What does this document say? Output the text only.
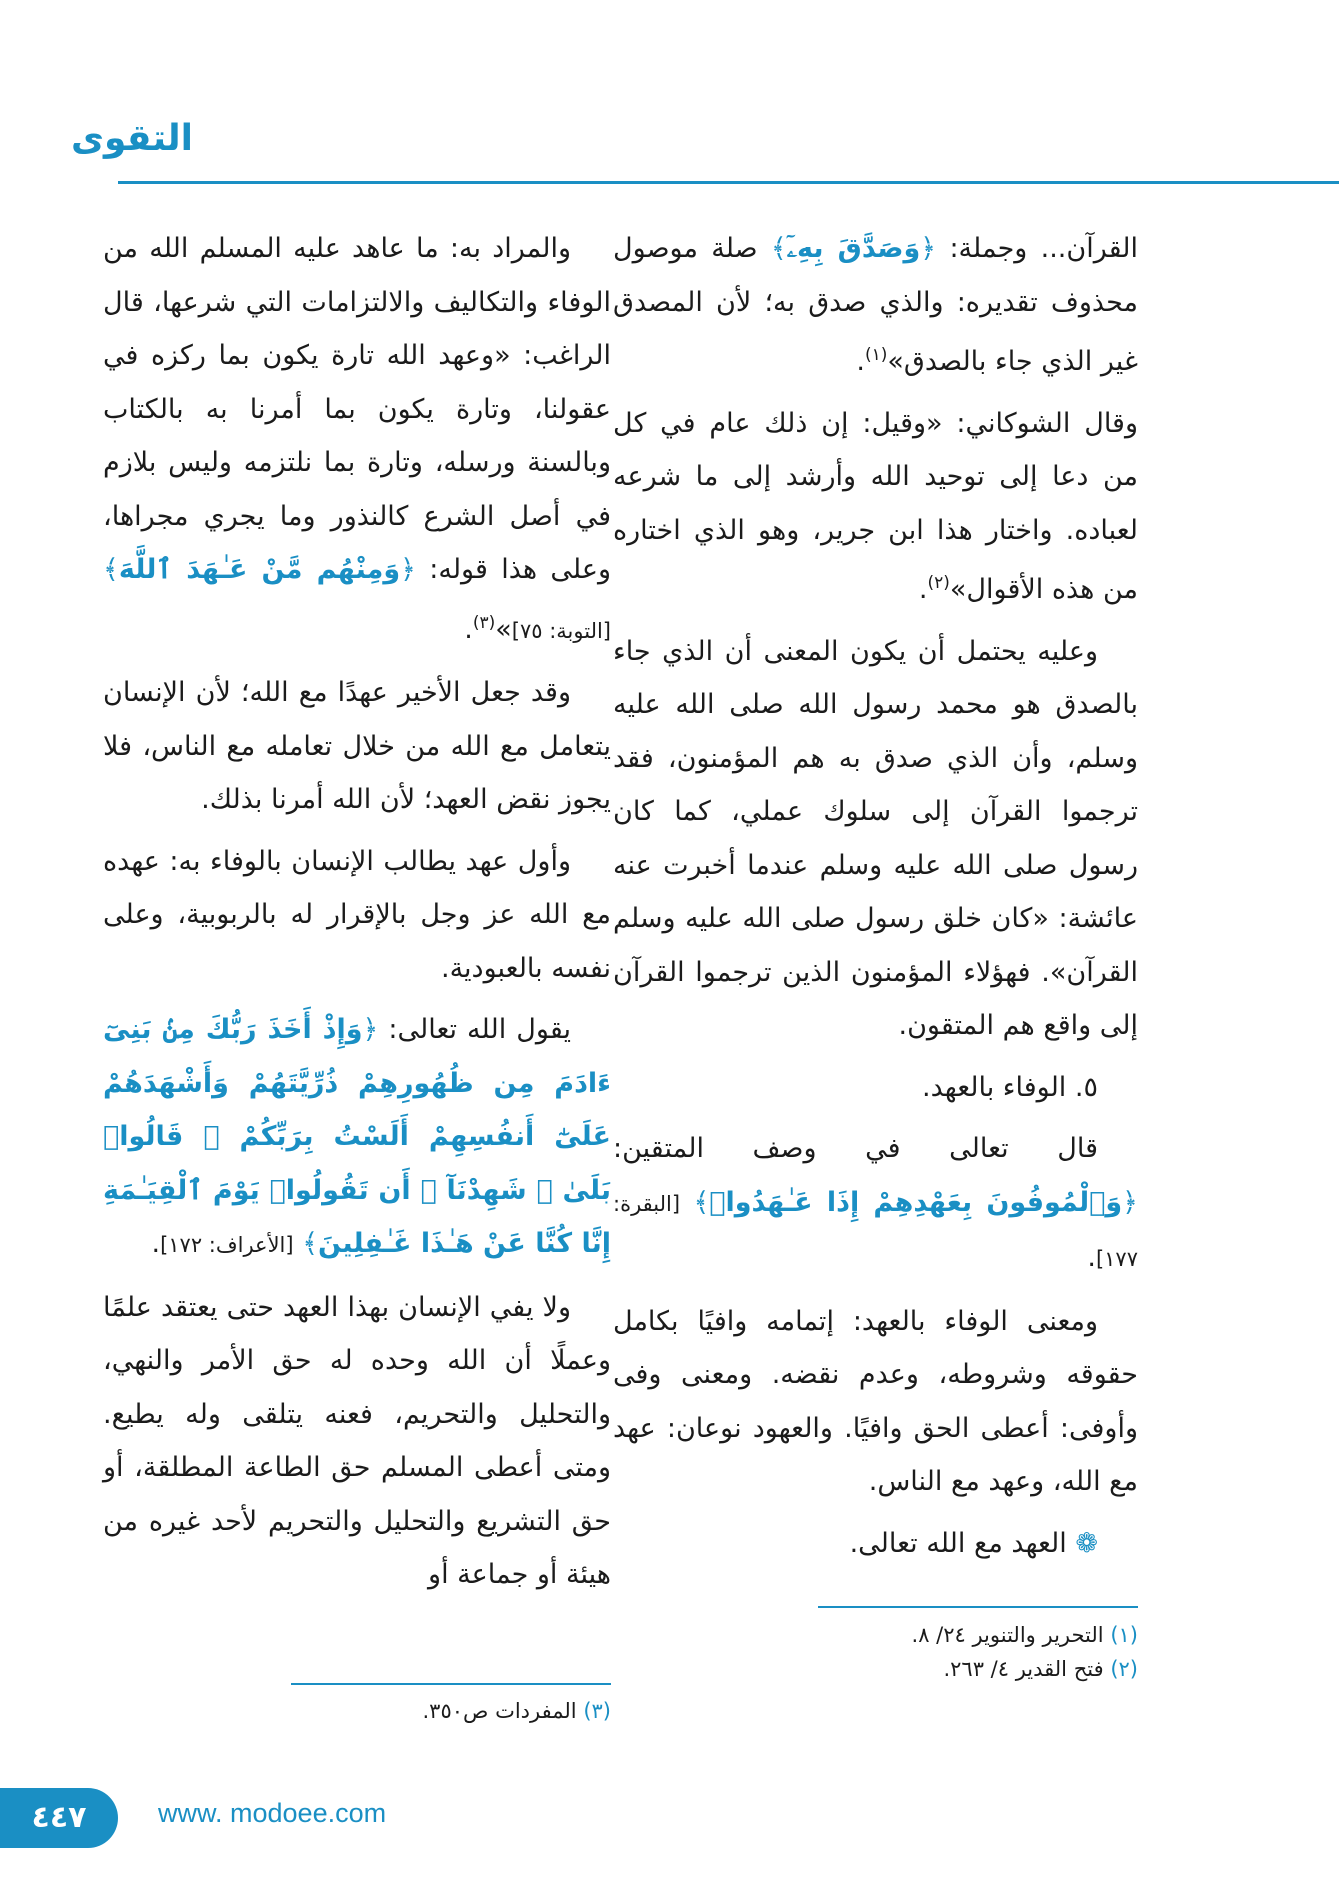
التقوى

القرآن... وجملة: ﴿وَصَدَّقَ بِهِۦٓ﴾ صلة موصول محذوف تقديره: والذي صدق به؛ لأن المصدق غير الذي جاء بالصدق»$^{(١)}$.

وقال الشوكاني: «وقيل: إن ذلك عام في كل من دعا إلى توحيد الله وأرشد إلى ما شرعه لعباده. واختار هذا ابن جرير، وهو الذي اختاره من هذه الأقوال»$^{(٢)}$.

وعليه يحتمل أن يكون المعنى أن الذي جاء بالصدق هو محمد رسول الله صلى الله عليه وسلم، وأن الذي صدق به هم المؤمنون، فقد ترجموا القرآن إلى سلوك عملي، كما كان رسول صلى الله عليه وسلم عندما أخبرت عنه عائشة: «كان خلق رسول صلى الله عليه وسلم القرآن». فهؤلاء المؤمنون الذين ترجموا القرآن إلى واقع هم المتقون.

٥. الوفاء بالعهد.

قال تعالى في وصف المتقين: ﴿وَٱلْمُوفُونَ بِعَهْدِهِمْ إِذَا عَـٰهَدُوا۟﴾ [البقرة: ١٧٧].

ومعنى الوفاء بالعهد: إتمامه وافيًا بكامل حقوقه وشروطه، وعدم نقضه. ومعنى وفى وأوفى: أعطى الحق وافيًا. والعهود نوعان: عهد مع الله، وعهد مع الناس.

❁ العهد مع الله تعالى.

والمراد به: ما عاهد عليه المسلم الله من الوفاء والتكاليف والالتزامات التي شرعها، قال الراغب: «وعهد الله تارة يكون بما ركزه في عقولنا، وتارة يكون بما أمرنا به بالكتاب وبالسنة ورسله، وتارة بما نلتزمه وليس بلازم في أصل الشرع كالنذور وما يجري مجراها، وعلى هذا قوله: ﴿وَمِنْهُم مَّنْ عَـٰهَدَ ٱللَّهَ﴾[التوبة: ٧٥]»$^{(٣)}$.

وقد جعل الأخير عهدًا مع الله؛ لأن الإنسان يتعامل مع الله من خلال تعامله مع الناس، فلا يجوز نقض العهد؛ لأن الله أمرنا بذلك.

وأول عهد يطالب الإنسان بالوفاء به: عهده مع الله عز وجل بالإقرار له بالربوبية، وعلى نفسه بالعبودية.

يقول الله تعالى: ﴿وَإِذْ أَخَذَ رَبُّكَ مِنۢ بَنِىٓ ءَادَمَ مِن ظُهُورِهِمْ ذُرِّيَّتَهُمْ وَأَشْهَدَهُمْ عَلَىٰٓ أَنفُسِهِمْ أَلَسْتُ بِرَبِّكُمْ ۖ قَالُوا۟ بَلَىٰ ۛ شَهِدْنَآ ۛ أَن تَقُولُوا۟ يَوْمَ ٱلْقِيَـٰمَةِ إِنَّا كُنَّا عَنْ هَـٰذَا غَـٰفِلِينَ﴾ [الأعراف: ١٧٢].

ولا يفي الإنسان بهذا العهد حتى يعتقد علمًا وعملًا أن الله وحده له حق الأمر والنهي، والتحليل والتحريم، فعنه يتلقى وله يطيع. ومتى أعطى المسلم حق الطاعة المطلقة، أو حق التشريع والتحليل والتحريم لأحد غيره من هيئة أو جماعة أو

(١) التحرير والتنوير ٢٤/ ٨.
(٢) فتح القدير ٤/ ٢٦٣.
(٣) المفردات ص٣٥٠.
٤٤٧	www. modoee.com
